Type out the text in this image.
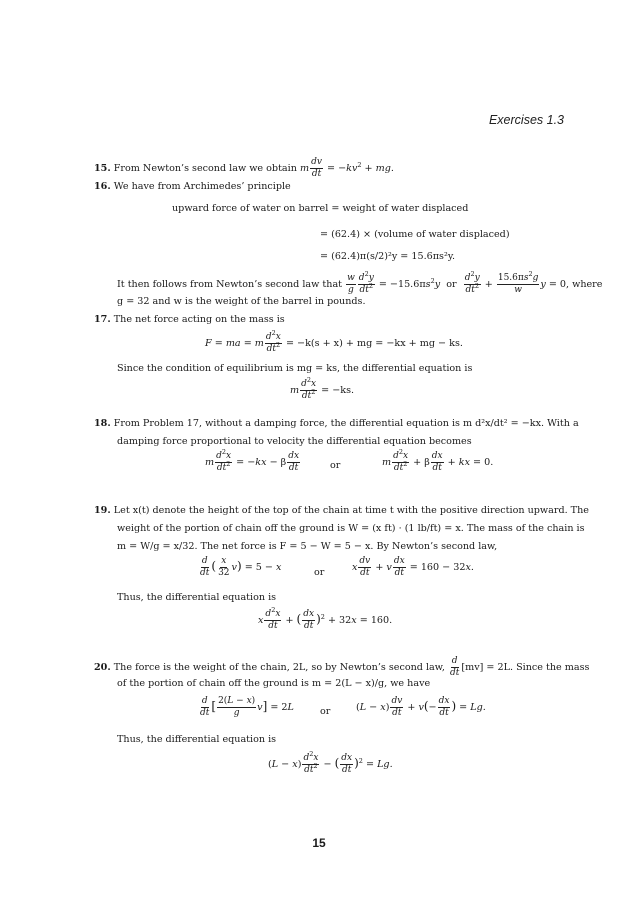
Exercises 1.3
15. From Newton’s second law we obtain m $\frac{dv}{dt} = -kv^2$ + mg.
16. We have from Archimedes’ principle
upward force of water on barrel = weight of water displaced
= (62.4) × (volume of water displaced)
= (62.4)π(s/2)²y = 15.6πs²y.
It then follows from Newton’s second law that $\frac{w}{g} \frac{d^2y}{dt^2} = -15.6\pi s^2y$  or $\frac{d^2y}{dt^2} + \frac{15.6\pi s^2g}{w}$ y = 0, where
g = 32 and w is the weight of the barrel in pounds.
17. The net force acting on the mass is
F = ma = m $\frac{d^2x}{dt^2} = -k(s + x)$ + mg = −kx + mg − ks.
Since the condition of equilibrium is mg = ks, the differential equation is
m $\frac{d^2x}{dt^2} = -ks$.
18. From Problem 17, without a damping force, the differential equation is m d²x/dt² = −kx. With a
damping force proportional to velocity the differential equation becomes
m $\frac{d^2x}{dt^2} = -kx - \beta \frac{dx}{dt}$	or	m $\frac{d^2x}{dt^2} + \beta \frac{dx}{dt}$ + kx = 0.
19. Let x(t) denote the height of the top of the chain at time t with the positive direction upward. The
weight of the portion of chain off the ground is W = (x ft) · (1 lb/ft) = x. The mass of the chain is
m = W/g = x/32. The net force is F = 5 − W = 5 − x. By Newton’s second law,
$\frac{d}{dt}$ ( $\frac{x}{32} v) = 5 - x$	or	x $\frac{dv}{dt} + v \frac{dx}{dt} = 160 - 32x$.
Thus, the differential equation is
x $\frac{d^2x}{dt}$ + ( $\frac{dx}{dt} )^2 + 32x = 160$.
20. The force is the weight of the chain, 2L, so by Newton’s second law, $\frac{d}{dt} [mv] = 2L$. Since the mass
of the portion of chain off the ground is m = 2(L − x)/g, we have
$\frac{d}{dt}$ [ $\frac{2(L - x)}{g} v] = 2L$	or	$(L - x) \frac{dv}{dt} + v(- \frac{dx}{dt}$ ) = Lg.
Thus, the differential equation is
$(L - x) \frac{d^2x}{dt^2}$ − ( $\frac{dx}{dt} )^2 = Lg$.
15
